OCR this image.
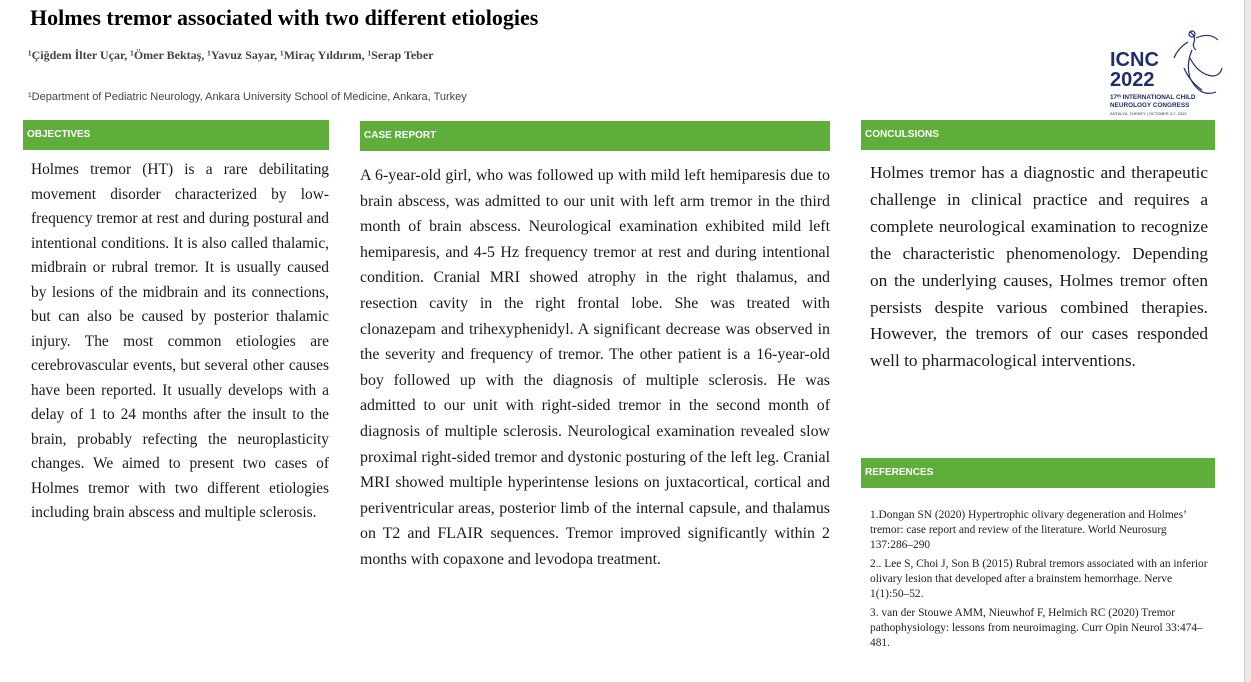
Holmes tremor associated with two different etiologies
¹Çiğdem İlter Uçar, ¹Ömer Bektaş, ¹Yavuz Sayar, ¹Miraç Yıldırım, ¹Serap Teber
¹Department of Pediatric Neurology, Ankara University School of Medicine, Ankara, Turkey
ICNC
2022
17ᵗʰ INTERNATIONAL CHILD
NEUROLOGY CONGRESS
ANTALYA, TURKEY | OCTOBER 3-7, 2022
OBJECTIVES
Holmes tremor (HT) is a rare debilitating movement disorder characterized by low-frequency tremor at rest and during postural and intentional conditions. It is also called thalamic, midbrain or rubral tremor. It is usually caused by lesions of the midbrain and its connections, but can also be caused by posterior thalamic injury. The most common etiologies are cerebrovascular events, but several other causes have been reported. It usually develops with a delay of 1 to 24 months after the insult to the brain, probably refecting the neuroplasticity changes. We aimed to present two cases of Holmes tremor with two different etiologies including brain abscess and multiple sclerosis.
CASE REPORT
A 6-year-old girl, who was followed up with mild left hemiparesis due to brain abscess, was admitted to our unit with left arm tremor in the third month of brain abscess. Neurological examination exhibited mild left hemiparesis, and 4-5 Hz frequency tremor at rest and during intentional condition. Cranial MRI showed atrophy in the right thalamus, and resection cavity in the right frontal lobe. She was treated with clonazepam and trihexyphenidyl. A significant decrease was observed in the severity and frequency of tremor. The other patient is a 16-year-old boy followed up with the diagnosis of multiple sclerosis. He was admitted to our unit with right-sided tremor in the second month of diagnosis of multiple sclerosis. Neurological examination revealed slow proximal right-sided tremor and dystonic posturing of the left leg. Cranial MRI showed multiple hyperintense lesions on juxtacortical, cortical and periventricular areas, posterior limb of the internal capsule, and thalamus on T2 and FLAIR sequences. Tremor improved significantly within 2 months with copaxone and levodopa treatment.
CONCULSIONS
Holmes tremor has a diagnostic and therapeutic challenge in clinical practice and requires a complete neurological examination to recognize the characteristic phenomenology. Depending on the underlying causes, Holmes tremor often persists despite various combined therapies. However, the tremors of our cases responded well to pharmacological interventions.
REFERENCES
1.Dongan SN (2020) Hypertrophic olivary degeneration and Holmes’ tremor: case report and review of the literature. World Neurosurg 137:286–290
2.. Lee S, Choi J, Son B (2015) Rubral tremors associated with an inferior olivary lesion that developed after a brainstem hemorrhage. Nerve 1(1):50–52.
3. van der Stouwe AMM, Nieuwhof F, Helmich RC (2020) Tremor pathophysiology: lessons from neuroimaging. Curr Opin Neurol 33:474–481.
